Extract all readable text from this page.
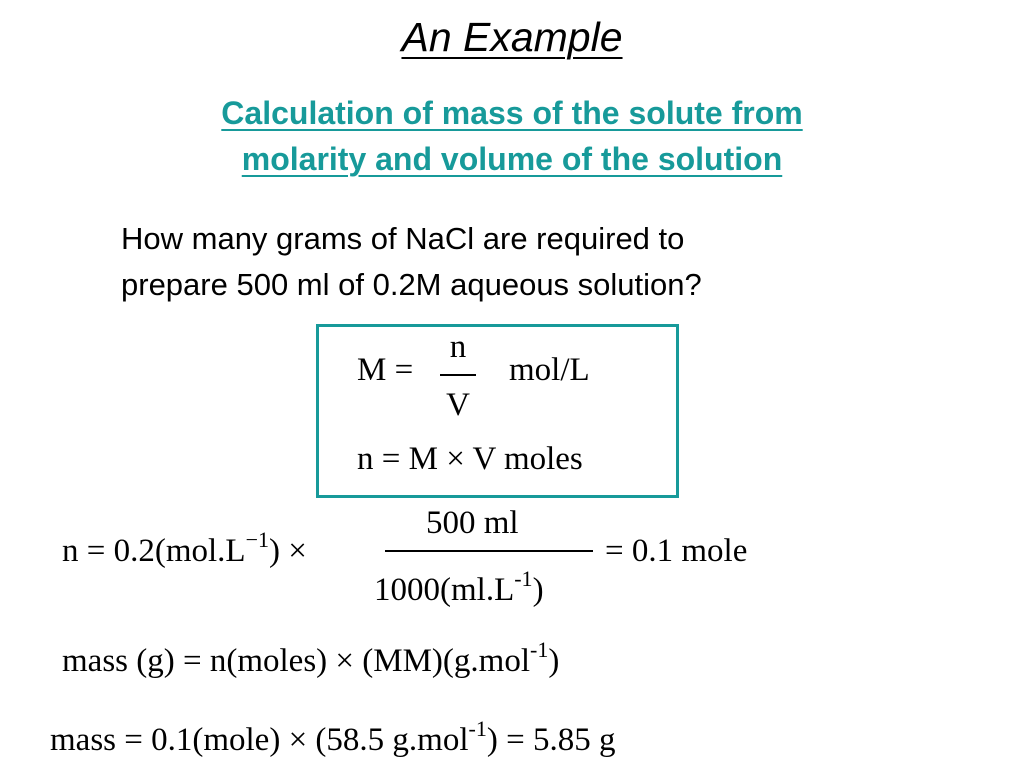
An Example
Calculation of mass of the solute from
molarity and volume of the solution
How many grams of NaCl are required to
prepare 500 ml of 0.2M aqueous solution?
M =
n
V
mol/L
n = M × V moles
$n = 0.2(mol.L^{-1})$ ×
500 ml
$1000(ml.L^{-1})$
= 0.1 mole
mass (g) = n(moles) × (MM)(g.mol$^{-1}$)
mass = 0.1(mole) × (58.5 g.mol$^{-1}$) = 5.85 g
